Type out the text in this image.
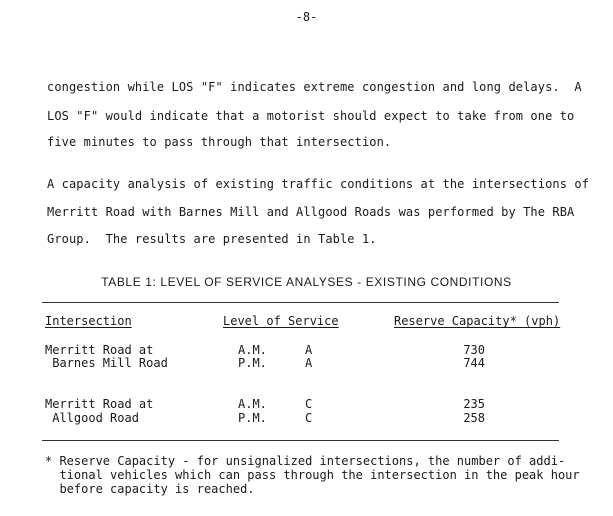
-8-
congestion while LOS "F" indicates extreme congestion and long delays.  A
LOS "F" would indicate that a motorist should expect to take from one to
five minutes to pass through that intersection.
A capacity analysis of existing traffic conditions at the intersections of
Merritt Road with Barnes Mill and Allgood Roads was performed by The RBA
Group.  The results are presented in Table 1.
TABLE 1: LEVEL OF SERVICE ANALYSES - EXISTING CONDITIONS
Intersection	Level of Service	Reserve Capacity* (vph)
Merritt Road at
Barnes Mill Road
A.M.
P.M.
A
A
730
744
Merritt Road at
Allgood Road
A.M.
P.M.
C
C
235
258
* Reserve Capacity - for unsignalized intersections, the number of addi-
tional vehicles which can pass through the intersection in the peak hour
before capacity is reached.
